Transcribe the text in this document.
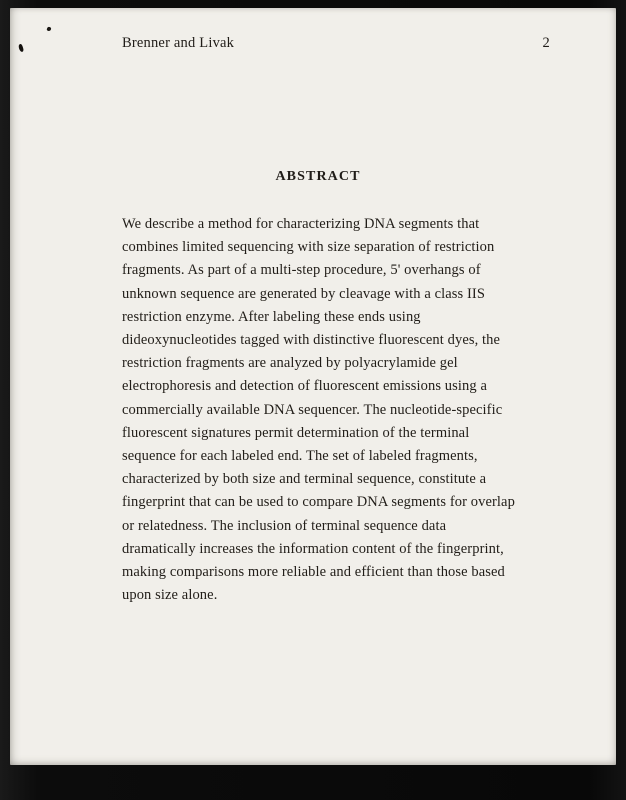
Brenner and Livak	2
ABSTRACT
We describe a method for characterizing DNA segments that
combines limited sequencing with size separation of restriction
fragments. As part of a multi-step procedure, 5' overhangs of
unknown sequence are generated by cleavage with a class IIS
restriction enzyme. After labeling these ends using
dideoxynucleotides tagged with distinctive fluorescent dyes, the
restriction fragments are analyzed by polyacrylamide gel
electrophoresis and detection of fluorescent emissions using a
commercially available DNA sequencer. The nucleotide-specific
fluorescent signatures permit determination of the terminal
sequence for each labeled end. The set of labeled fragments,
characterized by both size and terminal sequence, constitute a
fingerprint that can be used to compare DNA segments for overlap
or relatedness. The inclusion of terminal sequence data
dramatically increases the information content of the fingerprint,
making comparisons more reliable and efficient than those based
upon size alone.
